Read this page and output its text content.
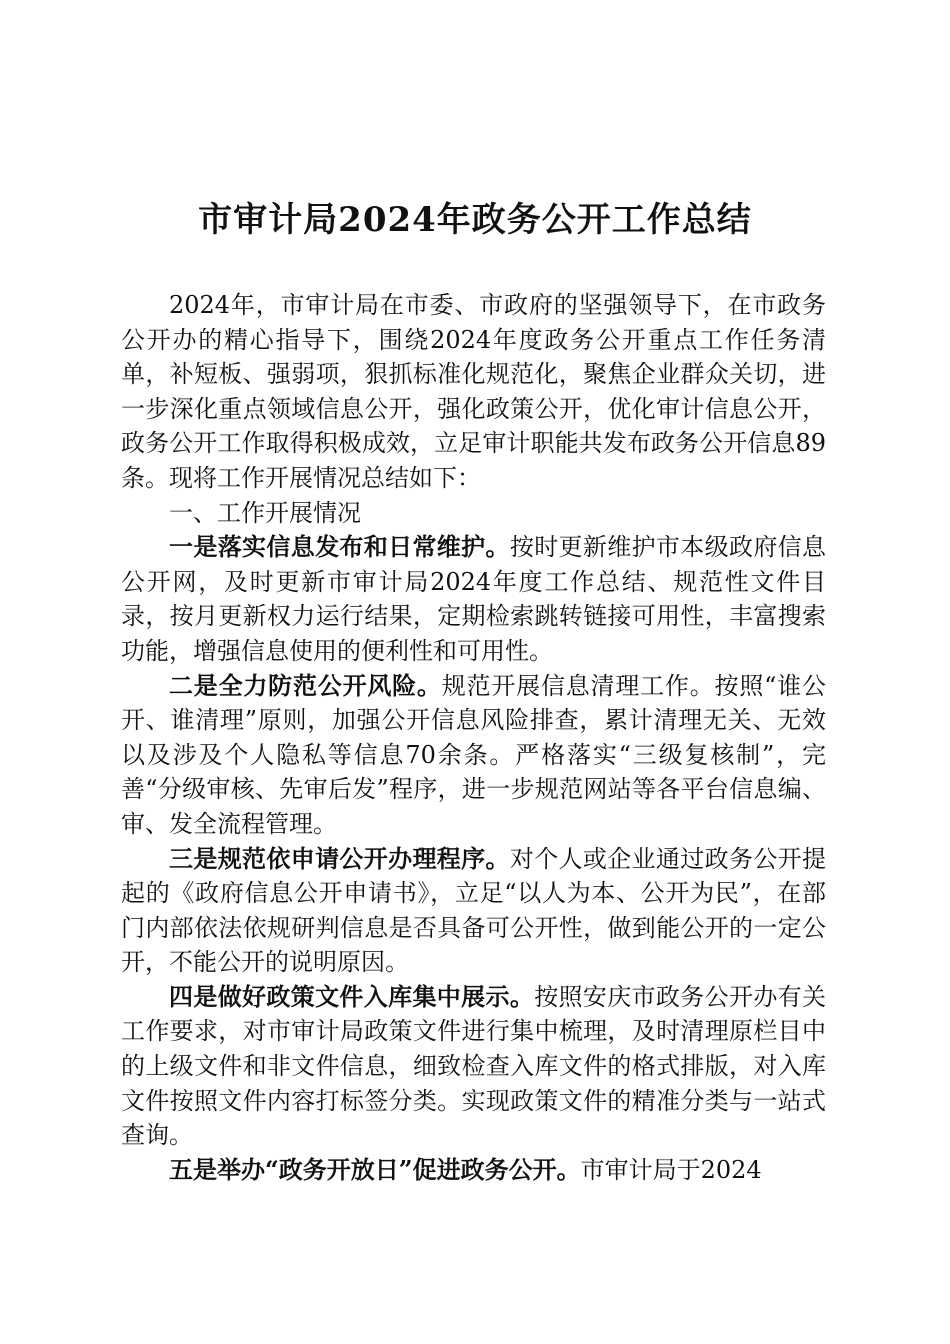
市审计局2024年政务公开工作总结

2024年，市审计局在市委、市政府的坚强领导下，在市政务公开办的精心指导下，围绕2024年度政务公开重点工作任务清单，补短板、强弱项，狠抓标准化规范化，聚焦企业群众关切，进一步深化重点领域信息公开，强化政策公开，优化审计信息公开，政务公开工作取得积极成效，立足审计职能共发布政务公开信息89条。现将工作开展情况总结如下：

一、工作开展情况

一是落实信息发布和日常维护。按时更新维护市本级政府信息公开网，及时更新市审计局2024年度工作总结、规范性文件目录，按月更新权力运行结果，定期检索跳转链接可用性，丰富搜索功能，增强信息使用的便利性和可用性。

二是全力防范公开风险。规范开展信息清理工作。按照“谁公开、谁清理”原则，加强公开信息风险排查，累计清理无关、无效以及涉及个人隐私等信息70余条。严格落实“三级复核制”，完善“分级审核、先审后发”程序，进一步规范网站等各平台信息编、审、发全流程管理。

三是规范依申请公开办理程序。对个人或企业通过政务公开提起的《政府信息公开申请书》，立足“以人为本、公开为民”，在部门内部依法依规研判信息是否具备可公开性，做到能公开的一定公开，不能公开的说明原因。

四是做好政策文件入库集中展示。按照安庆市政务公开办有关工作要求，对市审计局政策文件进行集中梳理，及时清理原栏目中的上级文件和非文件信息，细致检查入库文件的格式排版，对入库文件按照文件内容打标签分类。实现政策文件的精准分类与一站式查询。

五是举办“政务开放日”促进政务公开。市审计局于2024
